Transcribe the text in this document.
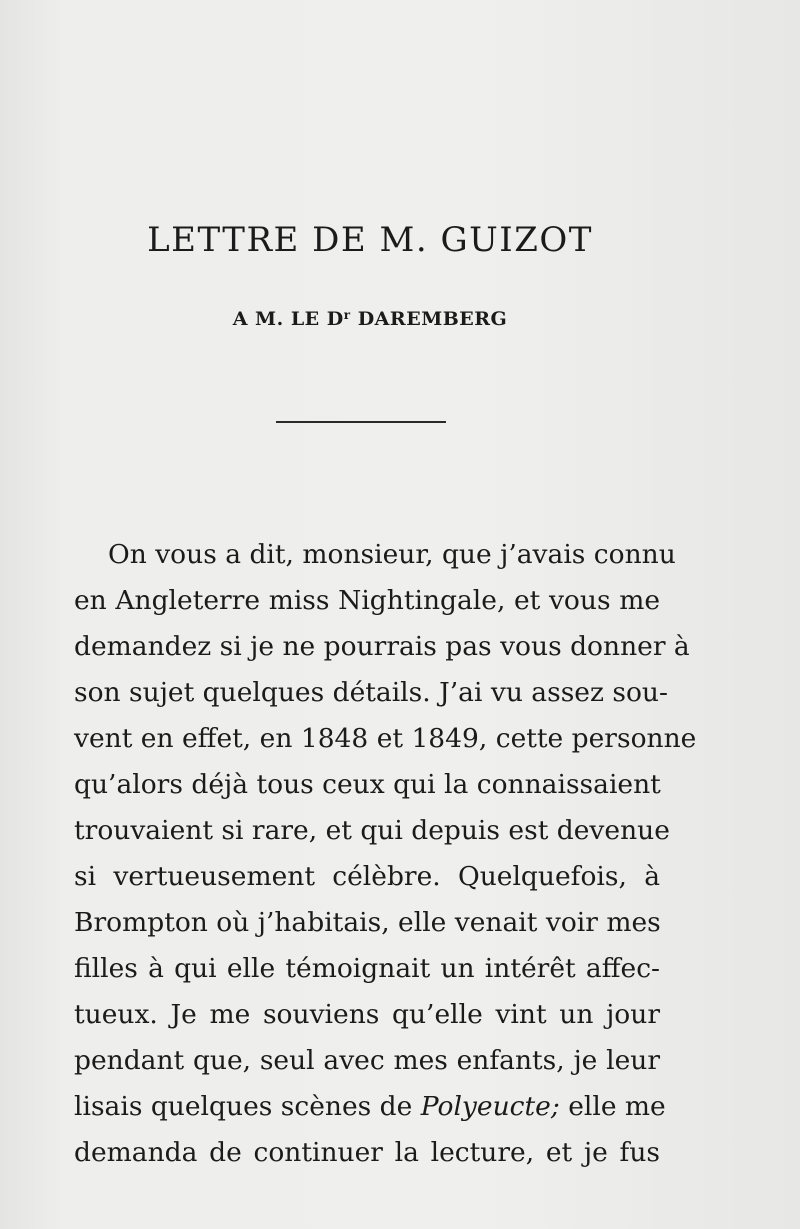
LETTRE DE M. GUIZOT
A M. LE $D^r$ DAREMBERG
On vous a dit, monsieur, que j’avais connu
en Angleterre miss Nightingale, et vous me
demandez si je ne pourrais pas vous donner à
son sujet quelques détails. J’ai vu assez sou-
vent en effet, en 1848 et 1849, cette personne
qu’alors déjà tous ceux qui la connaissaient
trouvaient si rare, et qui depuis est devenue
si vertueusement célèbre. Quelquefois, à
Brompton où j’habitais, elle venait voir mes
filles à qui elle témoignait un intérêt affec-
tueux. Je me souviens qu’elle vint un jour
pendant que, seul avec mes enfants, je leur
lisais quelques scènes de Polyeucte; elle me
demanda de continuer la lecture, et je fus
